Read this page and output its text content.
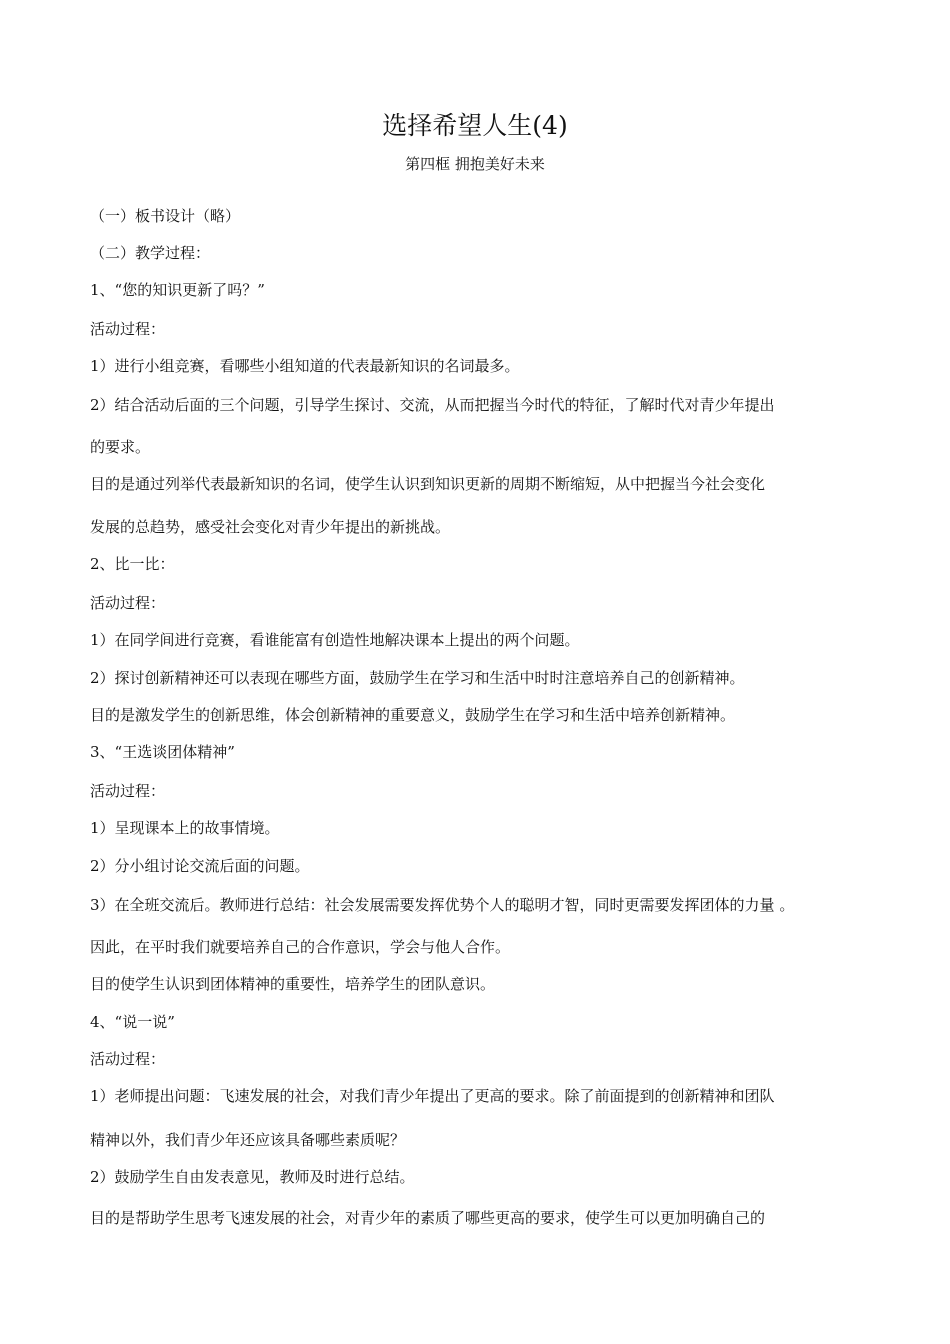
选择希望人生(4)

第四框 拥抱美好未来

（一）板书设计（略）

（二）教学过程：

1、“您的知识更新了吗？”

活动过程：

1）进行小组竞赛，看哪些小组知道的代表最新知识的名词最多。

2）结合活动后面的三个问题，引导学生探讨、交流，从而把握当今时代的特征，了解时代对青少年提出

的要求。

目的是通过列举代表最新知识的名词，使学生认识到知识更新的周期不断缩短，从中把握当今社会变化

发展的总趋势，感受社会变化对青少年提出的新挑战。

2、比一比：

活动过程：

1）在同学间进行竞赛，看谁能富有创造性地解决课本上提出的两个问题。

2）探讨创新精神还可以表现在哪些方面，鼓励学生在学习和生活中时时注意培养自己的创新精神。

目的是激发学生的创新思维，体会创新精神的重要意义，鼓励学生在学习和生活中培养创新精神。

3、“王选谈团体精神”

活动过程：

1）呈现课本上的故事情境。

2）分小组讨论交流后面的问题。

3）在全班交流后。教师进行总结：社会发展需要发挥优势个人的聪明才智，同时更需要发挥团体的力量 。

因此，在平时我们就要培养自己的合作意识，学会与他人合作。

目的使学生认识到团体精神的重要性，培养学生的团队意识。

4、“说一说”

活动过程：

1）老师提出问题：飞速发展的社会，对我们青少年提出了更高的要求。除了前面提到的创新精神和团队

精神以外，我们青少年还应该具备哪些素质呢？

2）鼓励学生自由发表意见，教师及时进行总结。

目的是帮助学生思考飞速发展的社会，对青少年的素质了哪些更高的要求，使学生可以更加明确自己的
